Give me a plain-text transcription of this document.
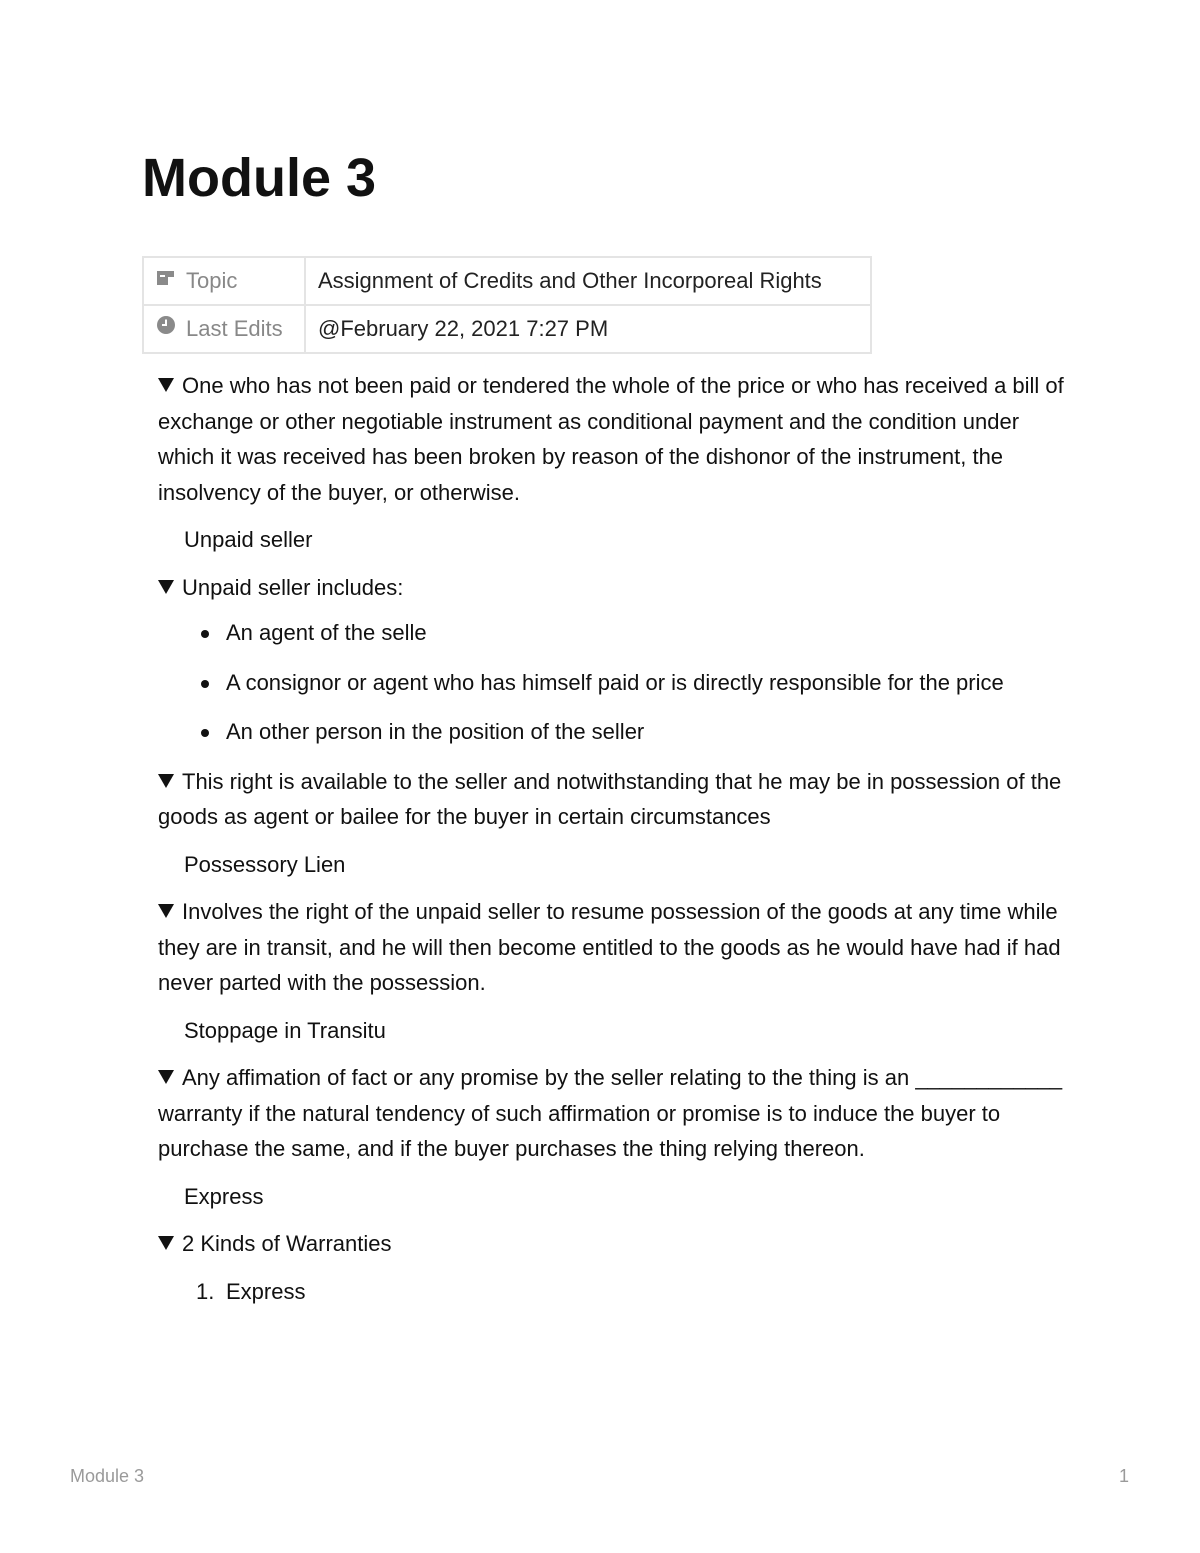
Module 3
Topic	Assignment of Credits and Other Incorporeal Rights
Last Edits	@February 22, 2021 7:27 PM

One who has not been paid or tendered the whole of the price or who has received a bill of exchange or other negotiable instrument as conditional payment and the condition under which it was received has been broken by reason of the dishonor of the instrument, the insolvency of the buyer, or otherwise.

Unpaid seller

Unpaid seller includes:

An agent of the selle
A consignor or agent who has himself paid or is directly responsible for the price
An other person in the position of the seller

This right is available to the seller and notwithstanding that he may be in possession of the goods as agent or bailee for the buyer in certain circumstances

Possessory Lien

Involves the right of the unpaid seller to resume possession of the goods at any time while they are in transit, and he will then become entitled to the goods as he would have had if had never parted with the possession.

Stoppage in Transitu

Any affimation of fact or any promise by the seller relating to the thing is an ____________ warranty if the natural tendency of such affirmation or promise is to induce the buyer to purchase the same, and if the buyer purchases the thing relying thereon.

Express

2 Kinds of Warranties

1. Express
Module 3	1
